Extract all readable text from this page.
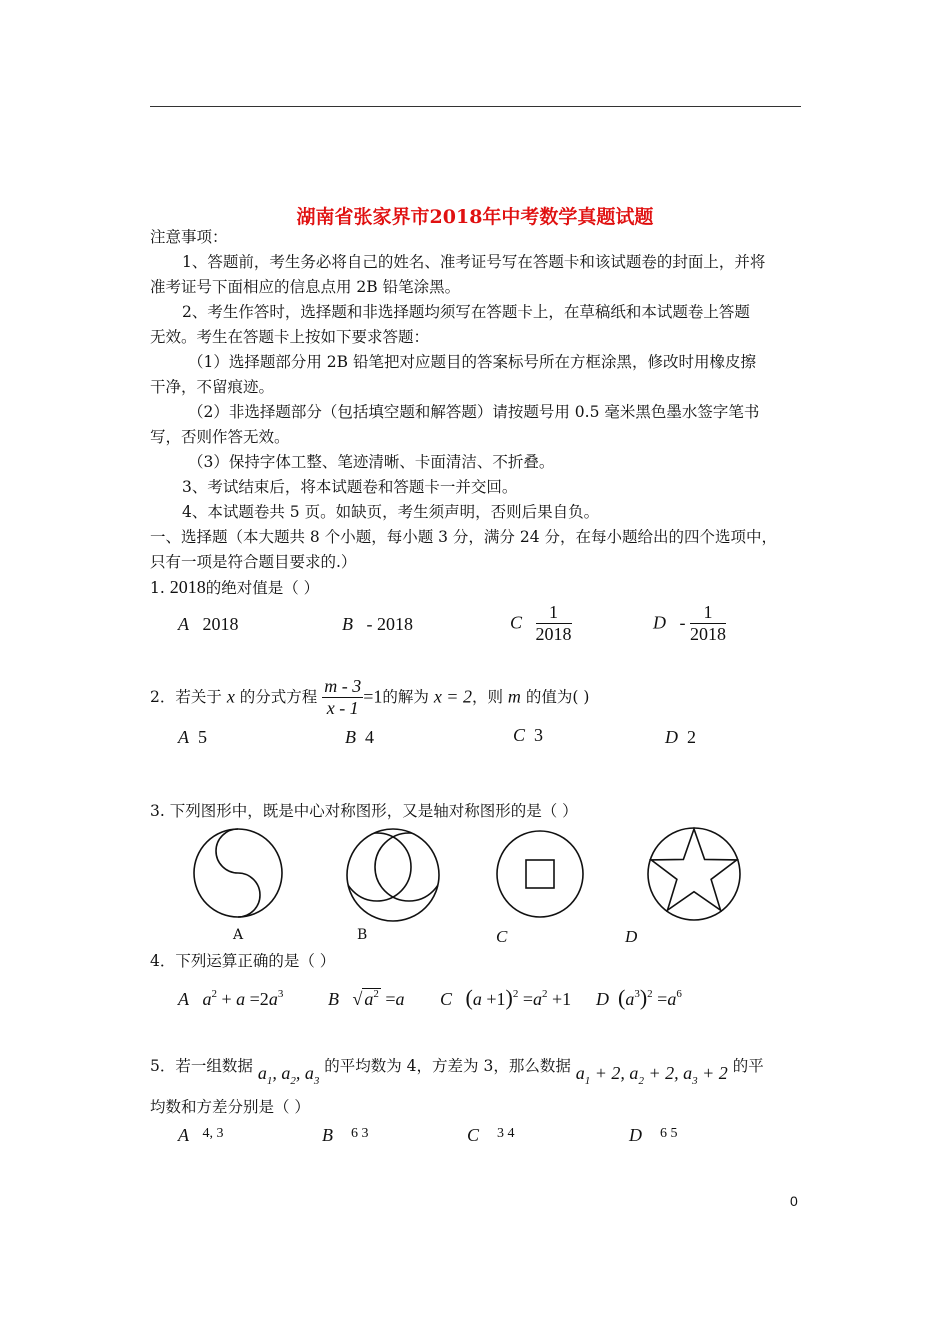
湖南省张家界市2018年中考数学真题试题
注意事项：
1、答题前，考生务必将自己的姓名、准考证号写在答题卡和该试题卷的封面上，并将
准考证号下面相应的信息点用 2B 铅笔涂黑。
2、考生作答时，选择题和非选择题均须写在答题卡上，在草稿纸和本试题卷上答题
无效。考生在答题卡上按如下要求答题：
（1）选择题部分用 2B 铅笔把对应题目的答案标号所在方框涂黑，修改时用橡皮擦
干净，不留痕迹。
（2）非选择题部分（包括填空题和解答题）请按题号用 0.5 毫米黑色墨水签字笔书
写，否则作答无效。
（3）保持字体工整、笔迹清晰、卡面清洁、不折叠。
3、考试结束后，将本试题卷和答题卡一并交回。
4、本试题卷共 5 页。如缺页，考生须声明，否则后果自负。
一、选择题（本大题共 8 个小题，每小题 3 分，满分 24 分，在每小题给出的四个选项中，
只有一项是符合题目要求的.）
1. 2018的绝对值是（ ）
A 2018	B - 2018	C $\frac{1}{2018}$	D - $\frac{1}{2018}$
2．若关于 x 的分式方程 $\frac{m - 3}{x - 1} =1$的解为 x = 2，则 m 的值为( )
A 5	B 4	C 3	D 2
3. 下列图形中，既是中心对称图形，又是轴对称图形的是（ ）
A	B	C	D
4．下列运算正确的是（ ）
A $a^2 + a =2a^3$ B   √ $a^2 =a$ C $(a +1)^2 =a^2 +1$ D $(a^3)^2 =a^6$
5．若一组数据 $a_1$, $a_2$, $a_3$ 的平均数为 4，方差为 3，那么数据 $a_1 + 2$, $a_2 + 2$, $a_3 + 2$ 的平
均数和方差分别是（ ）
A $^{4, 3}$	B $^{6 3}$	C $^{3 4}$	D $^{6 5}$
0
